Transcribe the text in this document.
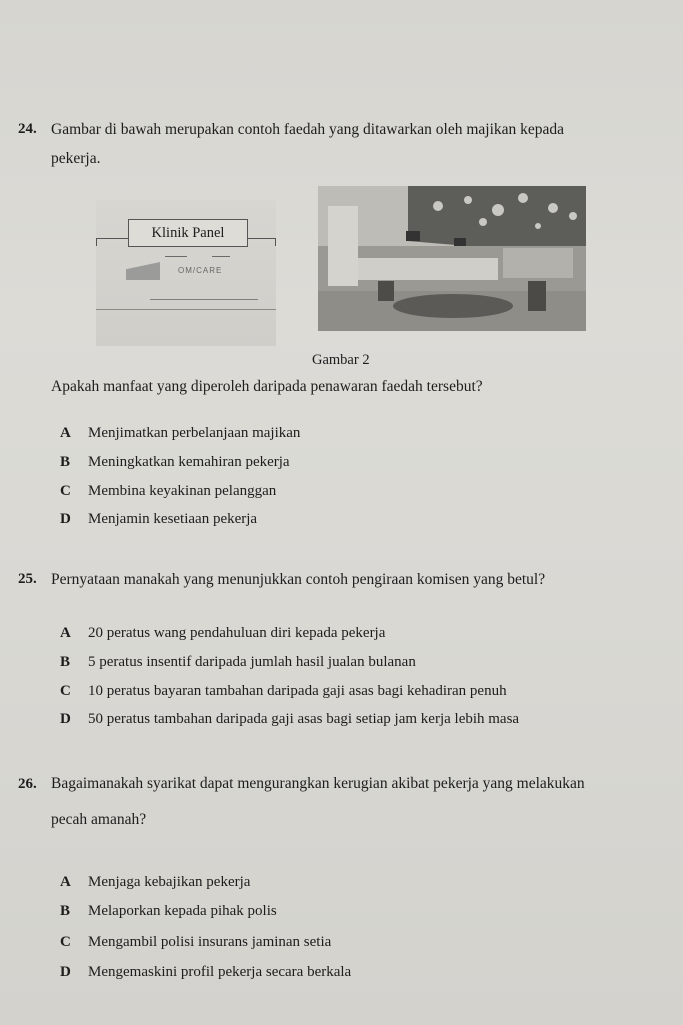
24. Gambar di bawah merupakan contoh faedah yang ditawarkan oleh majikan kepada
pekerja.
Klinik Panel
OM/CARE
Gambar 2
Apakah manfaat yang diperoleh daripada penawaran faedah tersebut?
A Menjimatkan perbelanjaan majikan
B Meningkatkan kemahiran pekerja
C Membina keyakinan pelanggan
D Menjamin kesetiaan pekerja
25. Pernyataan manakah yang menunjukkan contoh pengiraan komisen yang betul?
A 20 peratus wang pendahuluan diri kepada pekerja
B 5 peratus insentif daripada jumlah hasil jualan bulanan
C 10 peratus bayaran tambahan daripada gaji asas bagi kehadiran penuh
D 50 peratus tambahan daripada gaji asas bagi setiap jam kerja lebih masa
26. Bagaimanakah syarikat dapat mengurangkan kerugian akibat pekerja yang melakukan
pecah amanah?
A Menjaga kebajikan pekerja
B Melaporkan kepada pihak polis
C Mengambil polisi insurans jaminan setia
D Mengemaskini profil pekerja secara berkala
